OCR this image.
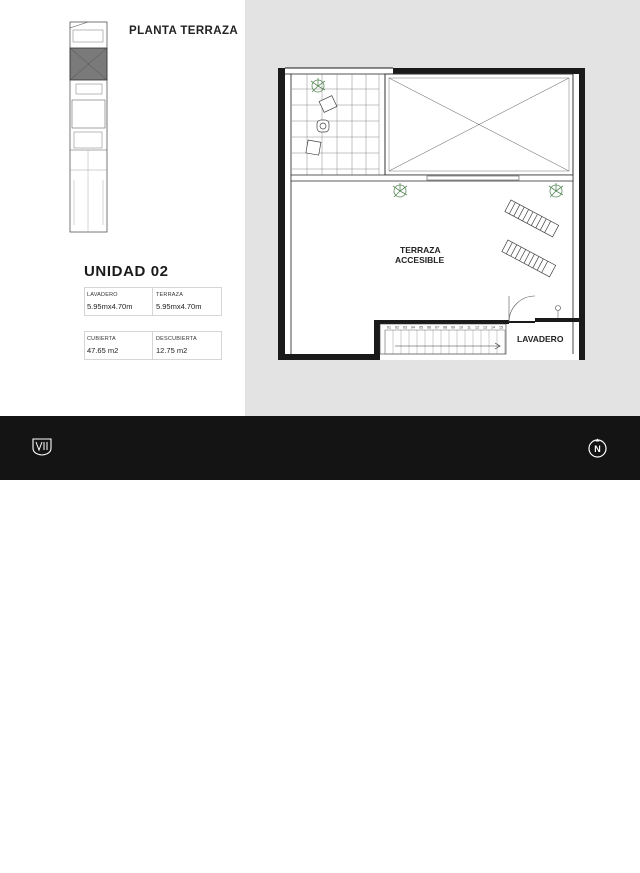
PLANTA TERRAZA
UNIDAD 02
LAVADERO
5.95mx4.70m
TERRAZA
5.95mx4.70m
CUBIERTA
47.65 m2
DESCUBIERTA
12.75 m2
01 02 03 04 05 06 07 08 09 10 11 12 13 14 15
TERRAZA
ACCESIBLE
LAVADERO
VANZINI®	Mendoza 3038
N
